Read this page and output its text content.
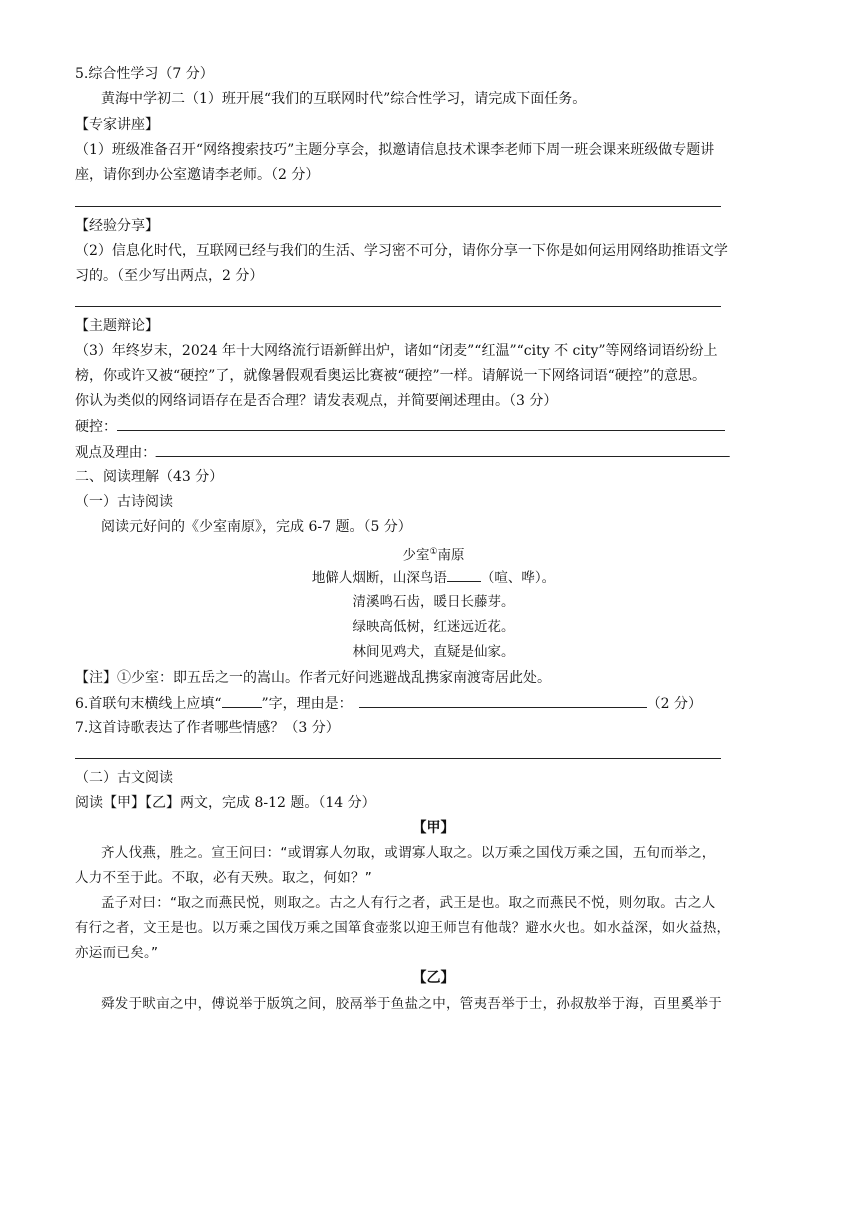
5.综合性学习（7 分）
黄海中学初二（1）班开展“我们的互联网时代”综合性学习，请完成下面任务。
【专家讲座】
（1）班级准备召开“网络搜索技巧”主题分享会，拟邀请信息技术课李老师下周一班会课来班级做专题讲
座，请你到办公室邀请李老师。（2 分）
【经验分享】
（2）信息化时代，互联网已经与我们的生活、学习密不可分，请你分享一下你是如何运用网络助推语文学
习的。（至少写出两点，2 分）
【主题辩论】
（3）年终岁末，2024 年十大网络流行语新鲜出炉，诸如“闭麦”“红温”“city 不 city”等网络词语纷纷上
榜，你或许又被“硬控”了，就像暑假观看奥运比赛被“硬控”一样。请解说一下网络词语“硬控”的意思。
你认为类似的网络词语存在是否合理？请发表观点，并简要阐述理由。（3 分）
硬控：
观点及理由：
二、阅读理解（43 分）
（一）古诗阅读
阅读元好问的《少室南原》，完成 6-7 题。（5 分）
少室①南原
地僻人烟断，山深鸟语	（喧、哗）。
清溪鸣石齿，暖日长藤芽。
绿映高低树，红迷远近花。
林间见鸡犬，直疑是仙家。
【注】①少室：即五岳之一的嵩山。作者元好问逃避战乱携家南渡寄居此处。
6.首联句末横线上应填“	”字，理由是：	（2 分）
7.这首诗歌表达了作者哪些情感？（3 分）
（二）古文阅读
阅读【甲】【乙】两文，完成 8-12 题。（14 分）
【甲】
齐人伐燕，胜之。宣王问曰：“或谓寡人勿取，或谓寡人取之。以万乘之国伐万乘之国，五旬而举之，
人力不至于此。不取，必有天殃。取之，何如？”
孟子对曰：“取之而燕民悦，则取之。古之人有行之者，武王是也。取之而燕民不悦，则勿取。古之人
有行之者，文王是也。以万乘之国伐万乘之国箪食壶浆以迎王师岂有他哉？避水火也。如水益深，如火益热，
亦运而已矣。”
【乙】
舜发于畎亩之中，傅说举于版筑之间，胶鬲举于鱼盐之中，管夷吾举于士，孙叔敖举于海，百里奚举于
